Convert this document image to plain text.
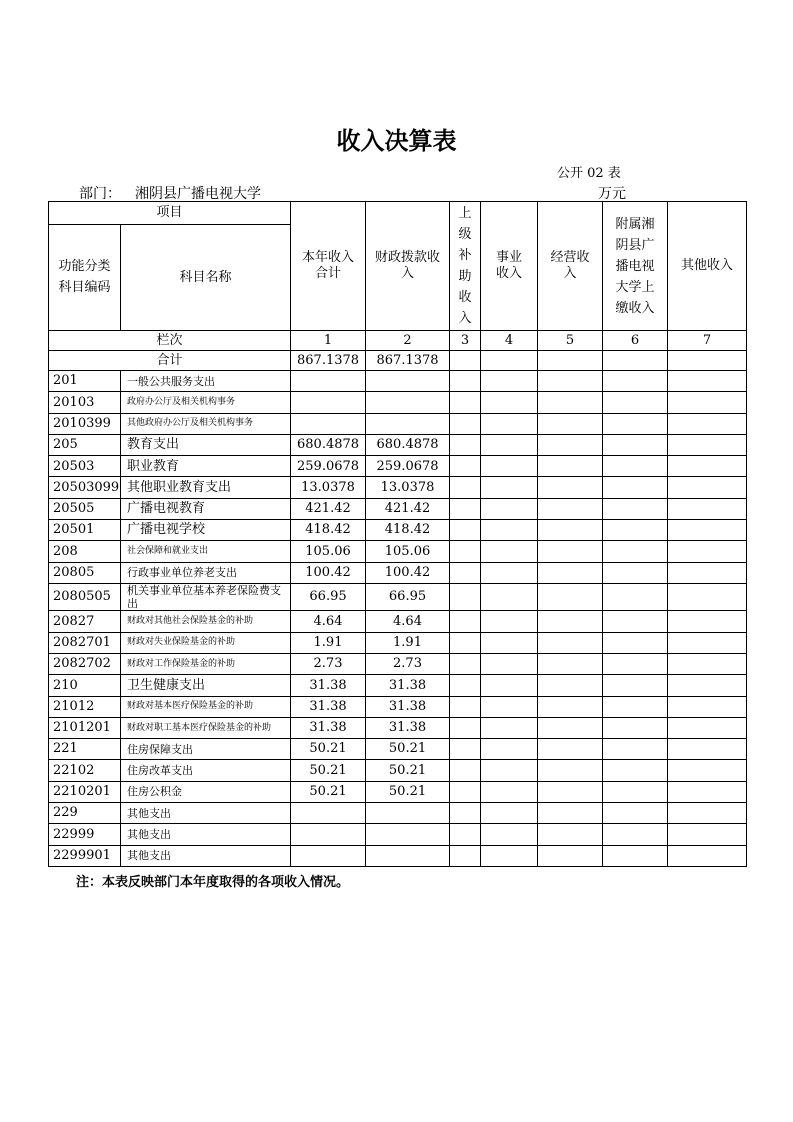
收入决算表
公开 02 表
部门： 湘阴县广播电视大学	万元
项目		本年收入合计	财政拨款收入	上级补助收入	事业收入	经营收入	附属湘阴县广播电视大学上缴收入	其他收入
功能分类科目编码	科目名称							
栏次		1	2	3	4	5	6	7
合计		867.1378	867.1378					
201	一般公共服务支出							
20103	政府办公厅及相关机构事务							
2010399	其他政府办公厅及相关机构事务							
205	教育支出	680.4878	680.4878					
20503	职业教育	259.0678	259.0678					
20503099	其他职业教育支出	13.0378	13.0378					
20505	广播电视教育	421.42	421.42					
20501	广播电视学校	418.42	418.42					
208	社会保障和就业支出	105.06	105.06					
20805	行政事业单位养老支出	100.42	100.42					
2080505	机关事业单位基本养老保险费支出	66.95	66.95					
20827	财政对其他社会保险基金的补助	4.64	4.64					
2082701	财政对失业保险基金的补助	1.91	1.91					
2082702	财政对工作保险基金的补助	2.73	2.73					
210	卫生健康支出	31.38	31.38					
21012	财政对基本医疗保险基金的补助	31.38	31.38					
2101201	财政对职工基本医疗保险基金的补助	31.38	31.38					
221	住房保障支出	50.21	50.21					
22102	住房改革支出	50.21	50.21					
2210201	住房公积金	50.21	50.21					
229	其他支出							
22999	其他支出							
2299901	其他支出							
注：本表反映部门本年度取得的各项收入情况。
